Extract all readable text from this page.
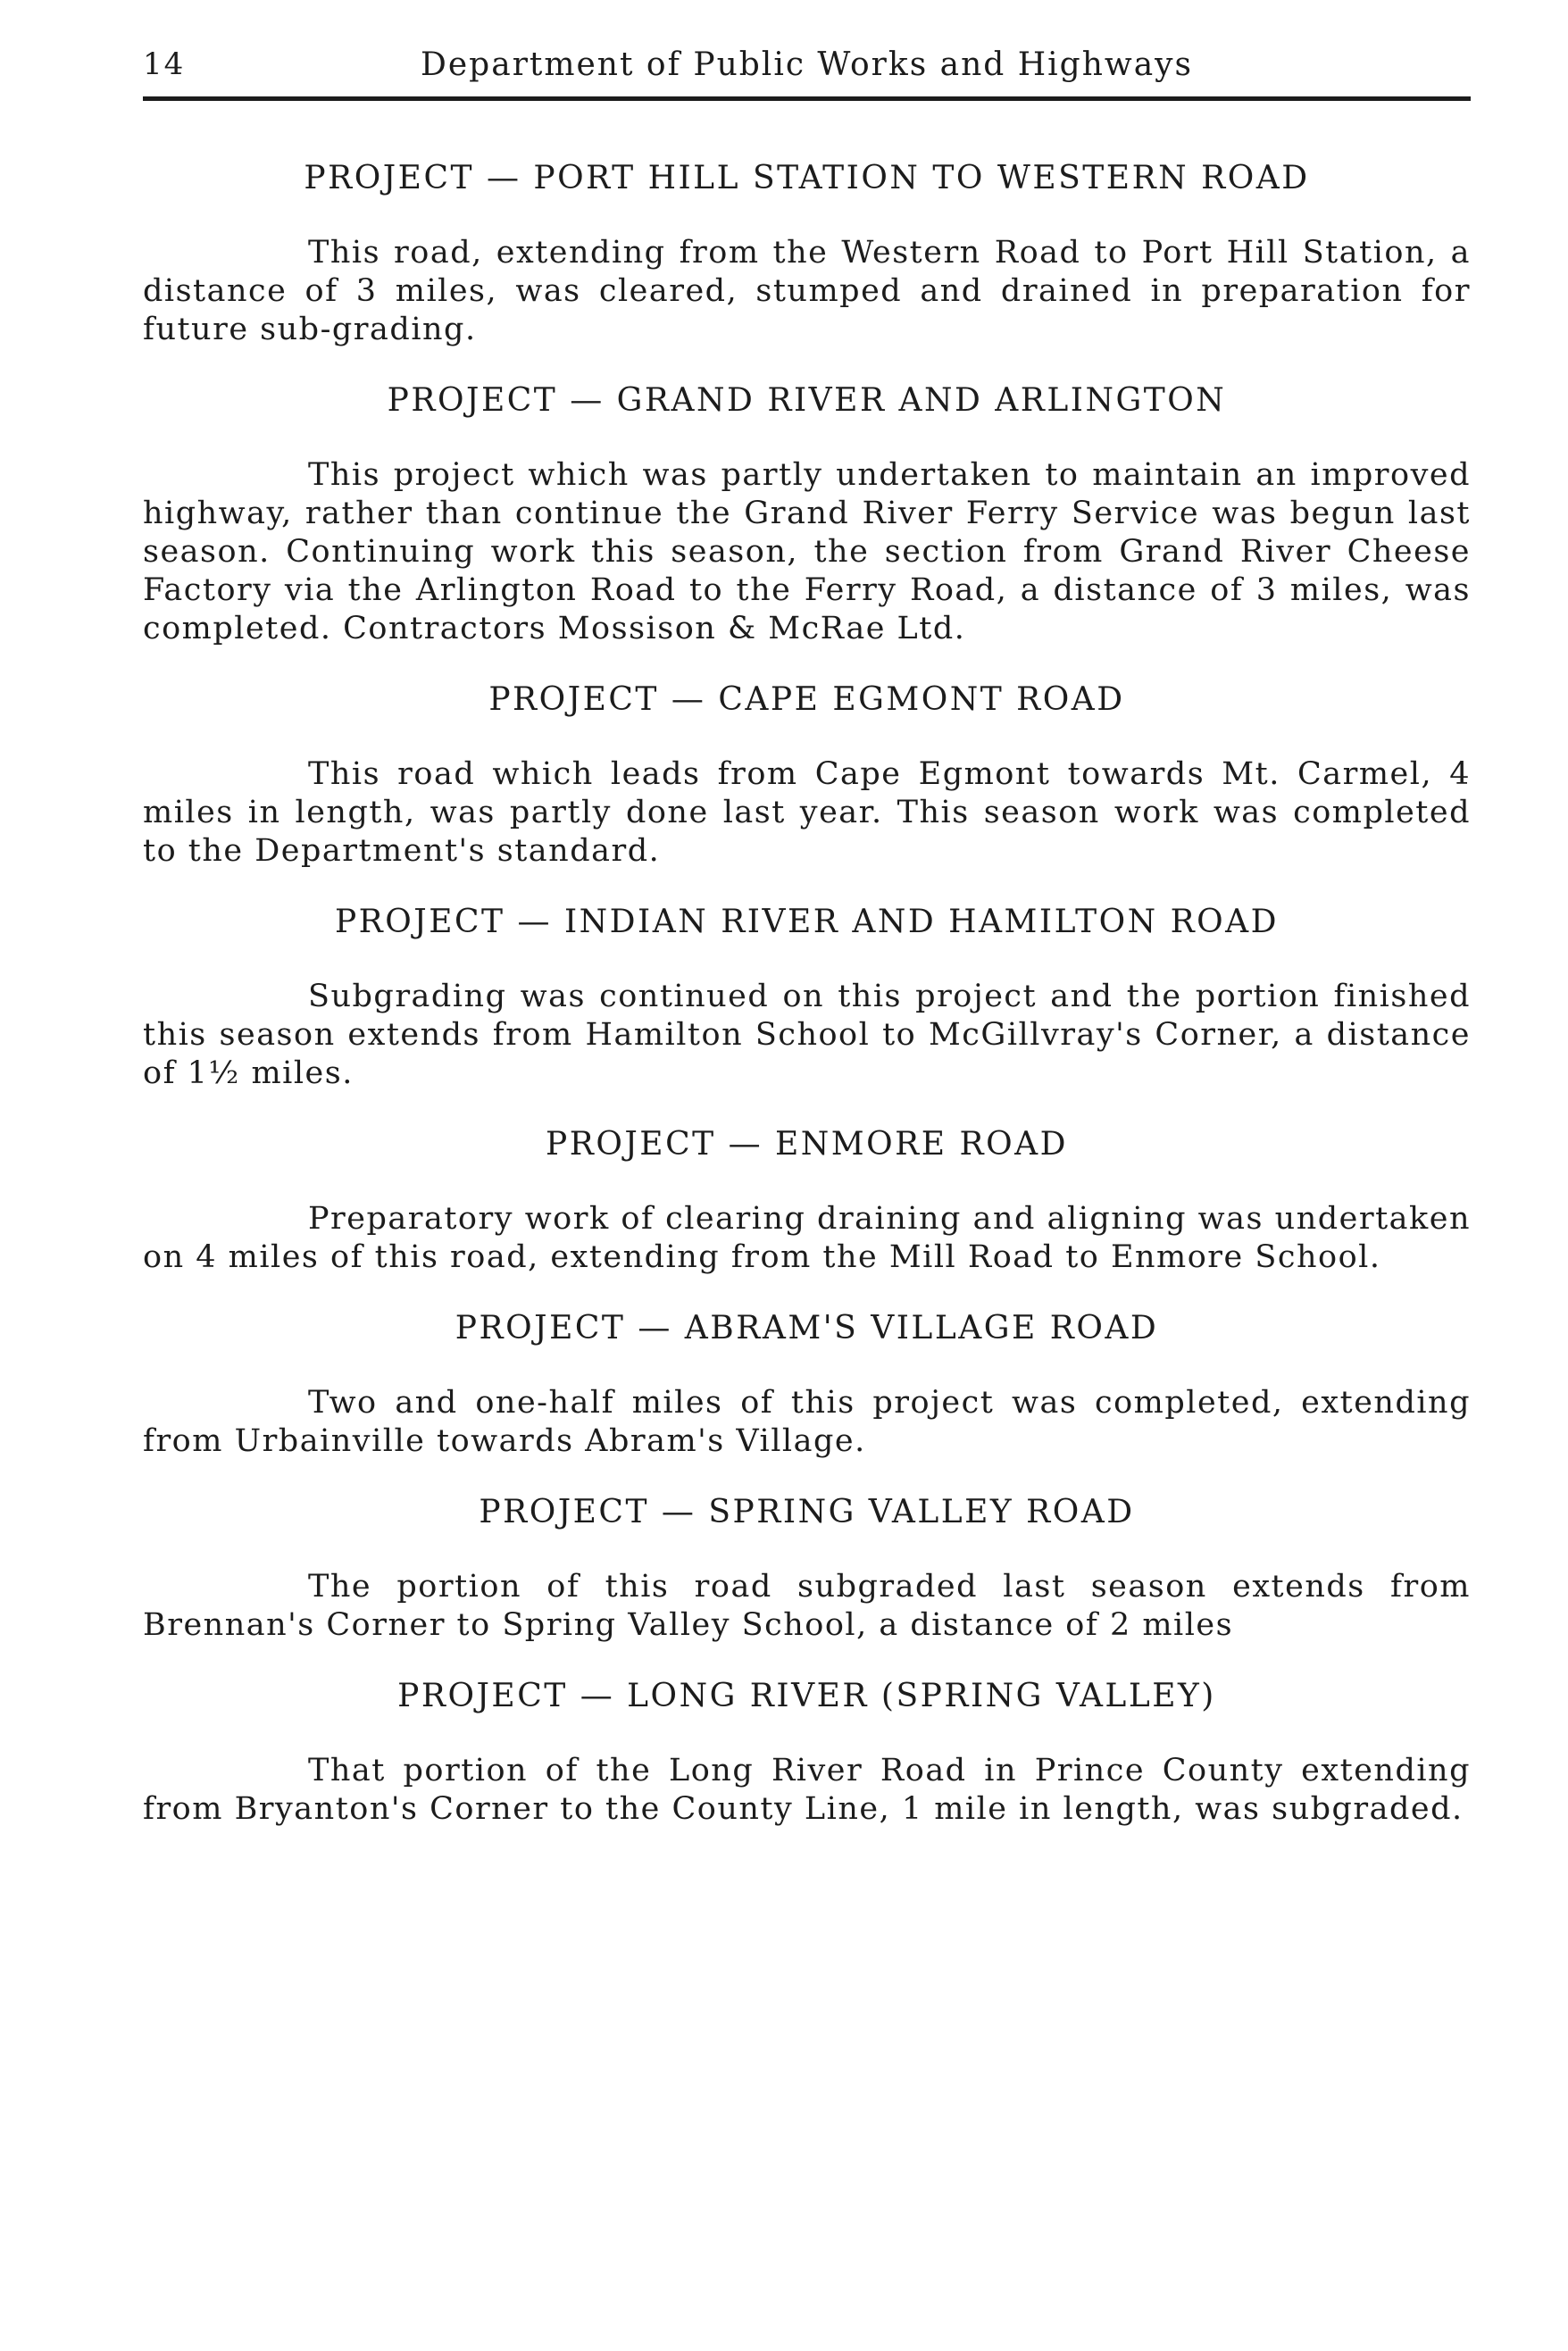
14	Department of Public Works and Highways
PROJECT — PORT HILL STATION TO WESTERN ROAD

This road, extending from the Western Road to Port Hill Station, a distance of 3 miles, was cleared, stumped and drained in preparation for future sub-grading.

PROJECT — GRAND RIVER AND ARLINGTON

This project which was partly undertaken to maintain an improved highway, rather than continue the Grand River Ferry Service was begun last season. Continuing work this season, the section from Grand River Cheese Factory via the Arlington Road to the Ferry Road, a distance of 3 miles, was completed. Contractors Mossison & McRae Ltd.

PROJECT — CAPE EGMONT ROAD

This road which leads from Cape Egmont towards Mt. Carmel, 4 miles in length, was partly done last year. This season work was completed to the Department's standard.

PROJECT — INDIAN RIVER AND HAMILTON ROAD

Subgrading was continued on this project and the portion finished this season extends from Hamilton School to McGillvray's Corner, a distance of 1½ miles.

PROJECT — ENMORE ROAD

Preparatory work of clearing draining and aligning was undertaken on 4 miles of this road, extending from the Mill Road to Enmore School.

PROJECT — ABRAM'S VILLAGE ROAD

Two and one-half miles of this project was completed, extending from Urbainville towards Abram's Village.

PROJECT — SPRING VALLEY ROAD

The portion of this road subgraded last season extends from Brennan's Corner to Spring Valley School, a distance of 2 miles

PROJECT — LONG RIVER (SPRING VALLEY)

That portion of the Long River Road in Prince County extending from Bryanton's Corner to the County Line, 1 mile in length, was subgraded.
